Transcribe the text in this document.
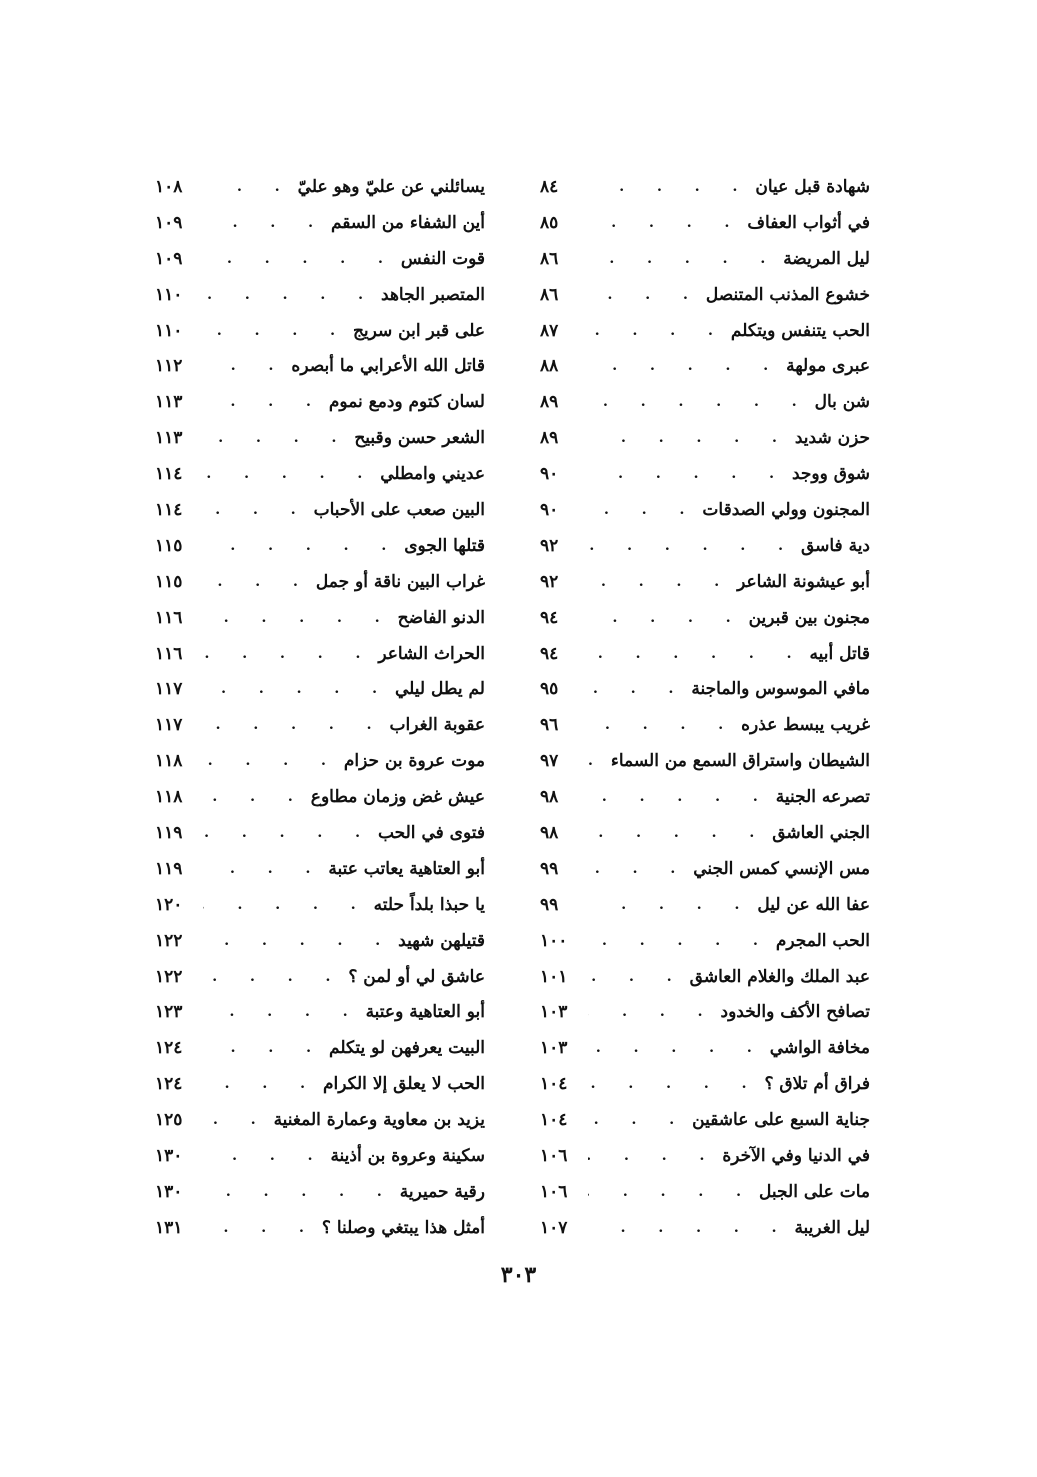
شهادة قبل عيان
. . .
٨٤
في أثواب العفاف
. . .
٨٥
ليل المريضة
. . .
٨٦
خشوع المذنب المتنصل
. . .
٨٦
الحب يتنفس ويتكلم
. . .
٨٧
عبرى مولهة
. . .
٨٨
شن بال
. . .
٨٩
حزن شديد
. . .
٨٩
شوق ووجد
. . .
٩٠
المجنون وولي الصدقات
. . .
٩٠
دية فاسق
. . .
٩٢
أبو عيشونة الشاعر
. . .
٩٢
مجنون بين قبرين
. . .
٩٤
قاتل أبيه
. . .
٩٤
مافي الموسوس والماجنة
. . .
٩٥
غريب يبسط عذره
. . .
٩٦
الشيطان واستراق السمع من السماء
. . .
٩٧
تصرعه الجنية
. . .
٩٨
الجني العاشق
. . .
٩٨
مس الإنسي كمس الجني
. . .
٩٩
عفا الله عن ليل
. . .
٩٩
الحب المجرم
. . .
١٠٠
عبد الملك والغلام العاشق
. . .
١٠١
تصافح الأكف والخدود
. . .
١٠٣
مخافة الواشي
. . .
١٠٣
فراق أم تلاق ؟
. . .
١٠٤
جناية السبع على عاشقين
. . .
١٠٤
في الدنيا وفي الآخرة
. . .
١٠٦
مات على الجبل
. . .
١٠٦
ليل الغريبة
. . .
١٠٧
يسائلني عن عليّ وهو عليّ
. . .
١٠٨
أين الشفاء من السقم
. . .
١٠٩
قوت النفس
. . .
١٠٩
المتصبر الجاهد
. . .
١١٠
على قبر ابن سريج
. . .
١١٠
قاتل الله الأعرابي ما أبصره
. . .
١١٢
لسان كتوم ودمع نموم
. . .
١١٣
الشعر حسن وقبيح
. . .
١١٣
عديني وامطلي
. . .
١١٤
البين صعب على الأحباب
. . .
١١٤
قتلها الجوى
. . .
١١٥
غراب البين ناقة أو جمل
. . .
١١٥
الدنو الفاضح
. . .
١١٦
الحراث الشاعر
. . .
١١٦
لم يطل ليلي
. . .
١١٧
عقوبة الغراب
. . .
١١٧
موت عروة بن حزام
. . .
١١٨
عيش غض وزمان مطاوع
. . .
١١٨
فتوى في الحب
. . .
١١٩
أبو العتاهية يعاتب عتبة
. . .
١١٩
يا حبذا بلداً حلته
. . .
١٢٠
قتيلهن شهيد
. . .
١٢٢
عاشق لي أو لمن ؟
. . .
١٢٢
أبو العتاهية وعتبة
. . .
١٢٣
البيت يعرفهن لو يتكلم
. . .
١٢٤
الحب لا يعلق إلا الكرام
. . .
١٢٤
يزيد بن معاوية وعمارة المغنية
. . .
١٢٥
سكينة وعروة بن أذينة
. . .
١٣٠
رقية حميرية
. . .
١٣٠
أمثل هذا يبتغي وصلنا ؟
. . .
١٣١
٣٠٣
